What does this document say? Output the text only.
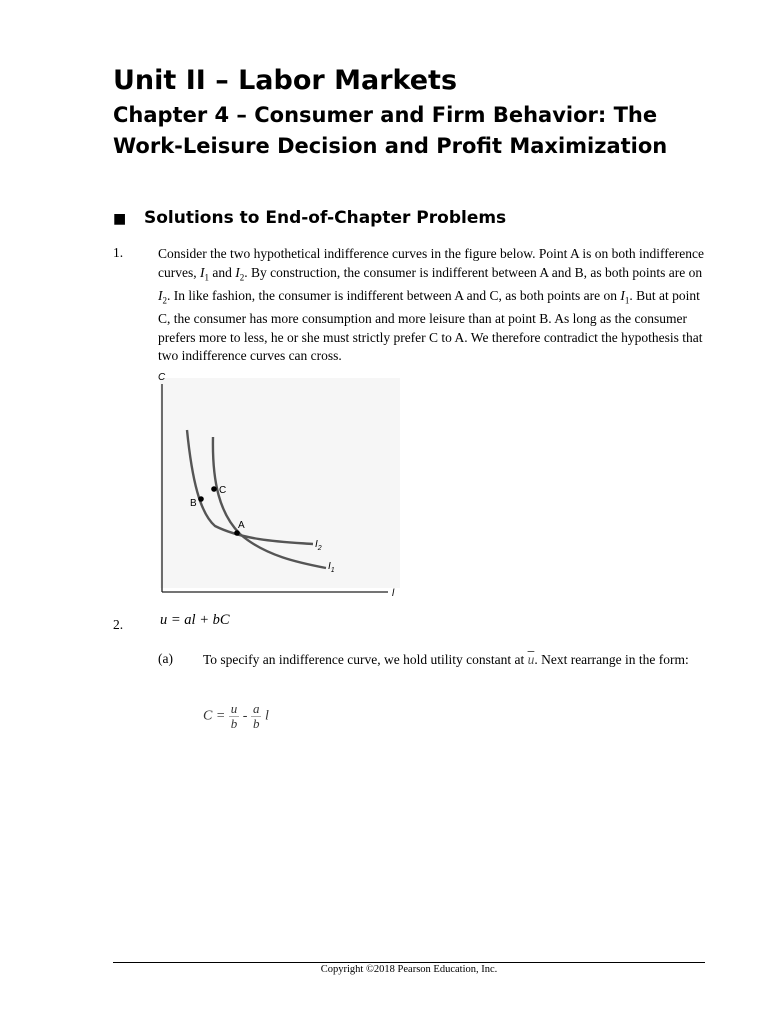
Unit II – Labor Markets
Chapter 4 – Consumer and Firm Behavior: The Work-Leisure Decision and Profit Maximization
■ Solutions to End-of-Chapter Problems
1.	Consider the two hypothetical indifference curves in the figure below. Point A is on both indifference curves, $I_1$ and $I_2$. By construction, the consumer is indifferent between A and B, as both points are on $I_2$. In like fashion, the consumer is indifferent between A and C, as both points are on $I_1$. But at point C, the consumer has more consumption and more leisure than at point B. As long as the consumer prefers more to less, he or she must strictly prefer C to A. We therefore contradict the hypothesis that two indifference curves can cross.

C
l
A
B
C
$I_2$
$I_1$
2.	u = al + bC
(a) To specify an indifference curve, we hold utility constant at $\overline{u}$. Next rearrange in the form:

$C = \frac{u}{b} - \frac{a}{b}$ l
Copyright ©2018 Pearson Education, Inc.
